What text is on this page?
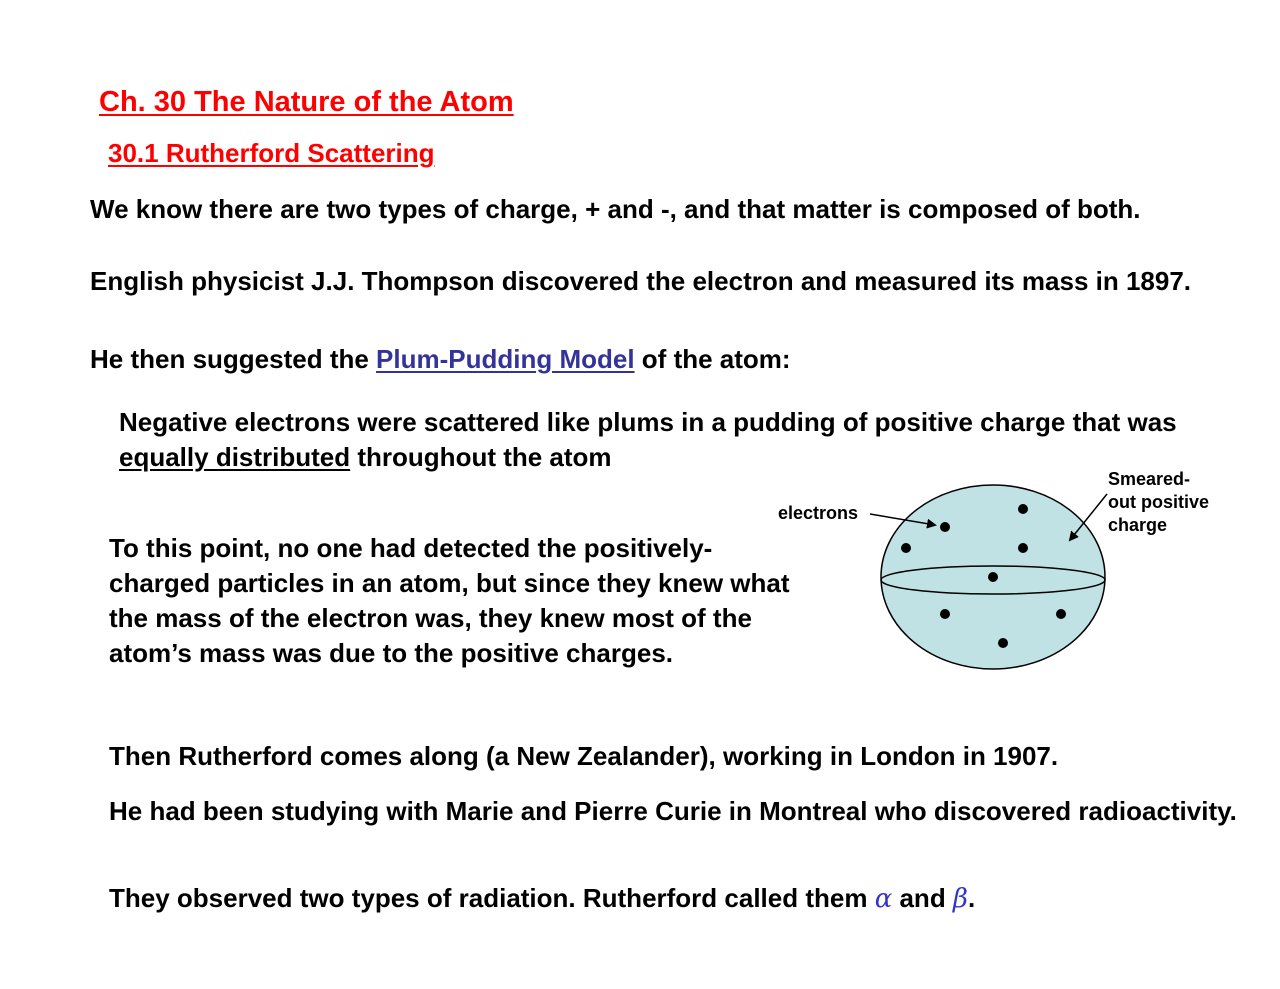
Ch. 30 The Nature of the Atom
30.1 Rutherford Scattering
We know there are two types of charge, + and -, and that matter is composed of both.
English physicist J.J. Thompson discovered the electron and measured its mass in 1897.
He then suggested the Plum-Pudding Model of the atom:
Negative electrons were scattered like plums in a pudding of positive charge that was equally distributed throughout the atom
To this point, no one had detected the positively-charged particles in an atom, but since they knew what the mass of the electron was, they knew most of the atom’s mass was due to the positive charges.
Then Rutherford comes along (a New Zealander), working in London in 1907.
He had been studying with Marie and Pierre Curie in Montreal who discovered radioactivity.
They observed two types of radiation. Rutherford called them α and β.
electrons
Smeared-
out positive
charge
